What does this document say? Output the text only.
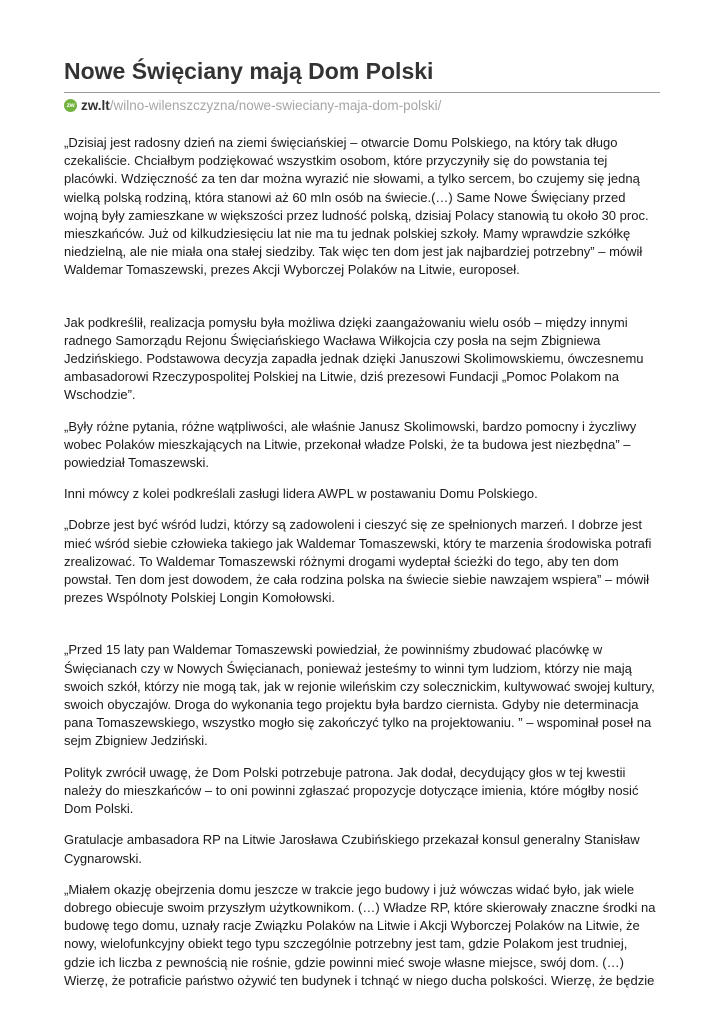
Nowe Święciany mają Dom Polski
zw zw.lt /wilno-wilenszczyzna/nowe-swieciany-maja-dom-polski/

„Dzisiaj jest radosny dzień na ziemi święciańskiej – otwarcie Domu Polskiego, na który tak długo czekaliście. Chciałbym podziękować wszystkim osobom, które przyczyniły się do powstania tej placówki. Wdzięczność za ten dar można wyrazić nie słowami, a tylko sercem, bo czujemy się jedną wielką polską rodziną, która stanowi aż 60 mln osób na świecie.(…) Same Nowe Święciany przed wojną były zamieszkane w większości przez ludność polską, dzisiaj Polacy stanowią tu około 30 proc. mieszkańców. Już od kilkudziesięciu lat nie ma tu jednak polskiej szkoły. Mamy wprawdzie szkółkę niedzielną, ale nie miała ona stałej siedziby. Tak więc ten dom jest jak najbardziej potrzebny” – mówił Waldemar Tomaszewski, prezes Akcji Wyborczej Polaków na Litwie, europoseł.

Jak podkreślił, realizacja pomysłu była możliwa dzięki zaangażowaniu wielu osób – między innymi radnego Samorządu Rejonu Święciańskiego Wacława Wiłkojcia czy posła na sejm Zbigniewa Jedzińskiego. Podstawowa decyzja zapadła jednak dzięki Januszowi Skolimowskiemu, ówczesnemu ambasadorowi Rzeczypospolitej Polskiej na Litwie, dziś prezesowi Fundacji „Pomoc Polakom na Wschodzie”.

„Były różne pytania, różne wątpliwości, ale właśnie Janusz Skolimowski, bardzo pomocny i życzliwy wobec Polaków mieszkających na Litwie, przekonał władze Polski, że ta budowa jest niezbędna” – powiedział Tomaszewski.

Inni mówcy z kolei podkreślali zasługi lidera AWPL w postawaniu Domu Polskiego.

„Dobrze jest być wśród ludzi, którzy są zadowoleni i cieszyć się ze spełnionych marzeń. I dobrze jest mieć wśród siebie człowieka takiego jak Waldemar Tomaszewski, który te marzenia środowiska potrafi zrealizować. To Waldemar Tomaszewski różnymi drogami wydeptał ścieżki do tego, aby ten dom powstał. Ten dom jest dowodem, że cała rodzina polska na świecie siebie nawzajem wspiera” – mówił prezes Wspólnoty Polskiej Longin Komołowski.

„Przed 15 laty pan Waldemar Tomaszewski powiedział, że powinniśmy zbudować placówkę w Święcianach czy w Nowych Święcianach, ponieważ jesteśmy to winni tym ludziom, którzy nie mają swoich szkół, którzy nie mogą tak, jak w rejonie wileńskim czy solecznickim, kultywować swojej kultury, swoich obyczajów. Droga do wykonania tego projektu była bardzo ciernista. Gdyby nie determinacja pana Tomaszewskiego, wszystko mogło się zakończyć tylko na projektowaniu. ” – wspominał poseł na sejm Zbigniew Jedziński.

Polityk zwrócił uwagę, że Dom Polski potrzebuje patrona. Jak dodał, decydujący głos w tej kwestii należy do mieszkańców – to oni powinni zgłaszać propozycje dotyczące imienia, które mógłby nosić Dom Polski.

Gratulacje ambasadora RP na Litwie Jarosława Czubińskiego przekazał konsul generalny Stanisław Cygnarowski.

„Miałem okazję obejrzenia domu jeszcze w trakcie jego budowy i już wówczas widać było, jak wiele dobrego obiecuje swoim przyszłym użytkownikom. (…) Władze RP, które skierowały znaczne środki na budowę tego domu, uznały racje Związku Polaków na Litwie i Akcji Wyborczej Polaków na Litwie, że nowy, wielofunkcyjny obiekt tego typu szczególnie potrzebny jest tam, gdzie Polakom jest trudniej, gdzie ich liczba z pewnością nie rośnie, gdzie powinni mieć swoje własne miejsce, swój dom. (…) Wierzę, że potraficie państwo ożywić ten budynek i tchnąć w niego ducha polskości. Wierzę, że będzie
